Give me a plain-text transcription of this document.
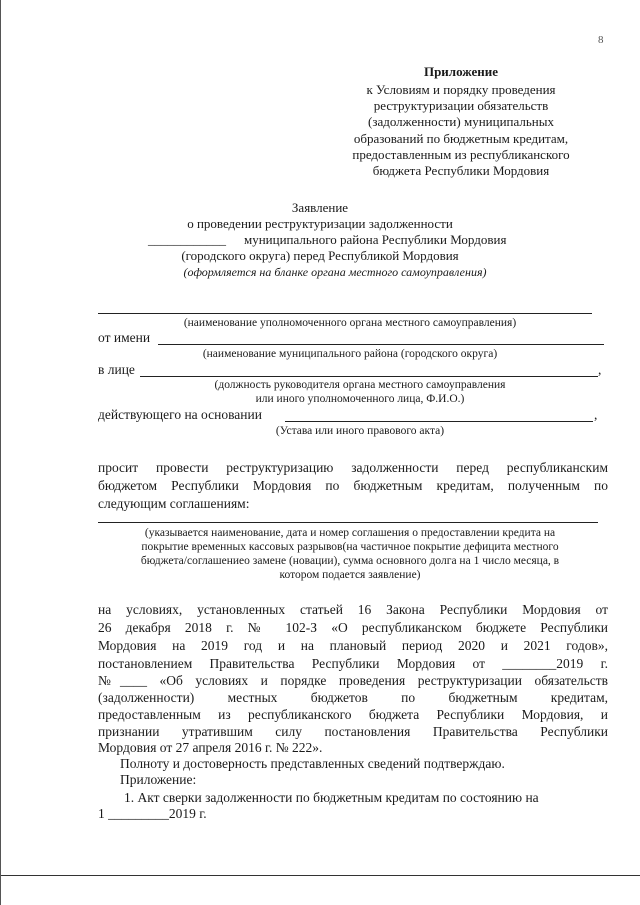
8
Приложение
к Условиям и порядку проведения
реструктуризации обязательств
(задолженности) муниципальных
образований по бюджетным кредитам,
предоставленным из республиканского
бюджета Республики Мордовия
Заявление
о проведении реструктуризации задолженности
____________ муниципального района Республики Мордовия
(городского округа) перед Республикой Мордовия
(оформляется на бланке органа местного самоуправления)
(наименование уполномоченного органа местного самоуправления)
от имени
(наименование муниципального района (городского округа)
в лице	,
(должность руководителя органа местного самоуправления
или иного уполномоченного лица, Ф.И.О.)
действующего на основании	,
(Устава или иного правового акта)
просит провести реструктуризацию задолженности перед республиканским
бюджетом Республики Мордовия по бюджетным кредитам, полученным по
следующим соглашениям:
(указывается наименование, дата и номер соглашения о предоставлении кредита на
покрытие временных кассовых разрывов(на частичное покрытие дефицита местного
бюджета/соглашениео замене (новации), сумма основного долга на 1 число месяца, в
котором подается заявление)
на условиях, установленных статьей 16 Закона Республики Мордовия от
26 декабря 2018 г. № 102-З «О республиканском бюджете Республики
Мордовия на 2019 год и на плановый период 2020 и 2021 годов»,
постановлением Правительства Республики Мордовия от ________2019 г.
№____ «Об условиях и порядке проведения реструктуризации обязательств
(задолженности) местных бюджетов по бюджетным кредитам,
предоставленным из республиканского бюджета Республики Мордовия, и
признании утратившим силу постановления Правительства Республики
Мордовия от 27 апреля 2016 г. № 222».
Полноту и достоверность представленных сведений подтверждаю.
Приложение:
1. Акт сверки задолженности по бюджетным кредитам по состоянию на
1 _________2019 г.
